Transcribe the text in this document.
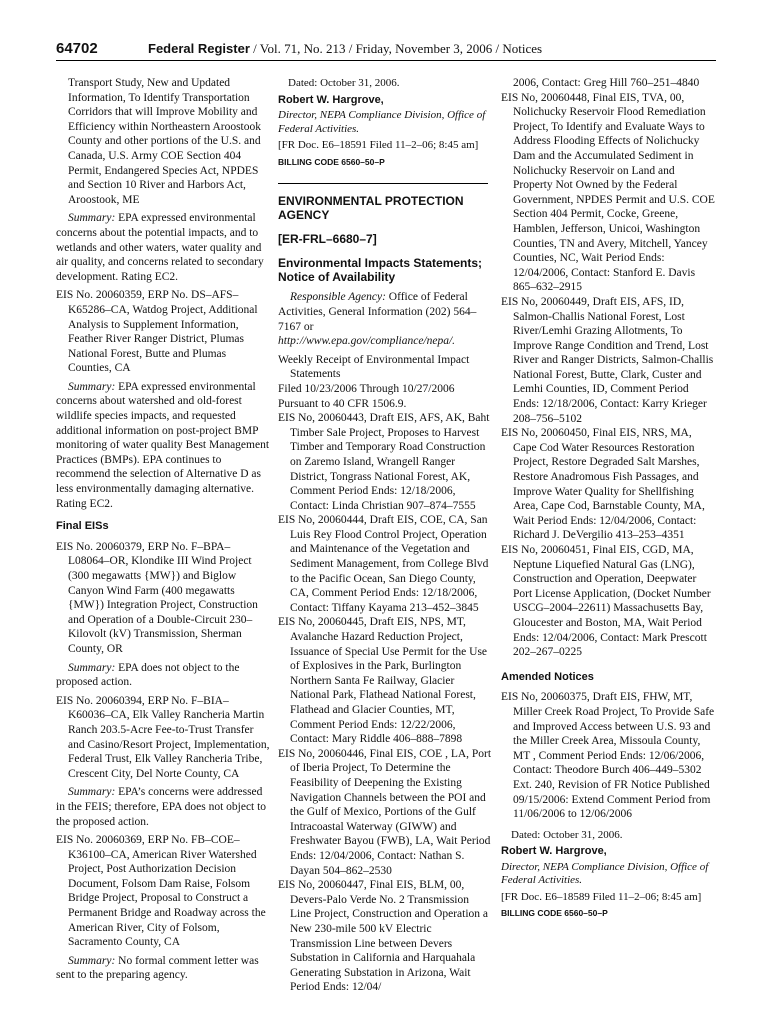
64702	Federal Register / Vol. 71, No. 213 / Friday, November 3, 2006 / Notices

Transport Study, New and Updated Information, To Identify Transportation Corridors that will Improve Mobility and Efficiency within Northeastern Aroostook County and other portions of the U.S. and Canada, U.S. Army COE Section 404 Permit, Endangered Species Act, NPDES and Section 10 River and Harbors Act, Aroostook, ME

Summary: EPA expressed environmental concerns about the potential impacts, and to wetlands and other waters, water quality and air quality, and concerns related to secondary development. Rating EC2.

EIS No. 20060359, ERP No. DS–AFS–K65286–CA, Watdog Project, Additional Analysis to Supplement Information, Feather River Ranger District, Plumas National Forest, Butte and Plumas Counties, CA

Summary: EPA expressed environmental concerns about watershed and old-forest wildlife species impacts, and requested additional information on post-project BMP monitoring of water quality Best Management Practices (BMPs). EPA continues to recommend the selection of Alternative D as less environmentally damaging alternative. Rating EC2.

Final EISs

EIS No. 20060379, ERP No. F–BPA–L08064–OR, Klondike III Wind Project (300 megawatts {MW}) and Biglow Canyon Wind Farm (400 megawatts {MW}) Integration Project, Construction and Operation of a Double-Circuit 230–Kilovolt (kV) Transmission, Sherman County, OR

Summary: EPA does not object to the proposed action.

EIS No. 20060394, ERP No. F–BIA–K60036–CA, Elk Valley Rancheria Martin Ranch 203.5-Acre Fee-to-Trust Transfer and Casino/Resort Project, Implementation, Federal Trust, Elk Valley Rancheria Tribe, Crescent City, Del Norte County, CA

Summary: EPA’s concerns were addressed in the FEIS; therefore, EPA does not object to the proposed action.

EIS No. 20060369, ERP No. FB–COE–K36100–CA, American River Watershed Project, Post Authorization Decision Document, Folsom Dam Raise, Folsom Bridge Project, Proposal to Construct a Permanent Bridge and Roadway across the American River, City of Folsom, Sacramento County, CA

Summary: No formal comment letter was sent to the preparing agency.

Dated: October 31, 2006.

Robert W. Hargrove,

Director, NEPA Compliance Division, Office of Federal Activities.

[FR Doc. E6–18591 Filed 11–2–06; 8:45 am]

BILLING CODE 6560–50–P

ENVIRONMENTAL PROTECTION AGENCY

[ER-FRL–6680–7]

Environmental Impacts Statements; Notice of Availability

Responsible Agency: Office of Federal Activities, General Information (202) 564–7167 or http://www.epa.gov/compliance/nepa/.

Weekly Receipt of Environmental Impact Statements

Filed 10/23/2006 Through 10/27/2006

Pursuant to 40 CFR 1506.9.

EIS No, 20060443, Draft EIS, AFS, AK, Baht Timber Sale Project, Proposes to Harvest Timber and Temporary Road Construction on Zaremo Island, Wrangell Ranger District, Tongrass National Forest, AK, Comment Period Ends: 12/18/2006, Contact: Linda Christian 907–874–7555

EIS No, 20060444, Draft EIS, COE, CA, San Luis Rey Flood Control Project, Operation and Maintenance of the Vegetation and Sediment Management, from College Blvd to the Pacific Ocean, San Diego County, CA, Comment Period Ends: 12/18/2006, Contact: Tiffany Kayama 213–452–3845

EIS No, 20060445, Draft EIS, NPS, MT, Avalanche Hazard Reduction Project, Issuance of Special Use Permit for the Use of Explosives in the Park, Burlington Northern Santa Fe Railway, Glacier National Park, Flathead National Forest, Flathead and Glacier Counties, MT, Comment Period Ends: 12/22/2006, Contact: Mary Riddle 406–888–7898

EIS No, 20060446, Final EIS, COE , LA, Port of Iberia Project, To Determine the Feasibility of Deepening the Existing Navigation Channels between the POI and the Gulf of Mexico, Portions of the Gulf Intracoastal Waterway (GIWW) and Freshwater Bayou (FWB), LA, Wait Period Ends: 12/04/2006, Contact: Nathan S. Dayan 504–862–2530

EIS No, 20060447, Final EIS, BLM, 00, Devers-Palo Verde No. 2 Transmission Line Project, Construction and Operation a New 230-mile 500 kV Electric Transmission Line between Devers Substation in California and Harquahala Generating Substation in Arizona, Wait Period Ends: 12/04/

2006, Contact: Greg Hill 760–251–4840

EIS No, 20060448, Final EIS, TVA, 00, Nolichucky Reservoir Flood Remediation Project, To Identify and Evaluate Ways to Address Flooding Effects of Nolichucky Dam and the Accumulated Sediment in Nolichucky Reservoir on Land and Property Not Owned by the Federal Government, NPDES Permit and U.S. COE Section 404 Permit, Cocke, Greene, Hamblen, Jefferson, Unicoi, Washington Counties, TN and Avery, Mitchell, Yancey Counties, NC, Wait Period Ends: 12/04/2006, Contact: Stanford E. Davis 865–632–2915

EIS No, 20060449, Draft EIS, AFS, ID, Salmon-Challis National Forest, Lost River/Lemhi Grazing Allotments, To Improve Range Condition and Trend, Lost River and Ranger Districts, Salmon-Challis National Forest, Butte, Clark, Custer and Lemhi Counties, ID, Comment Period Ends: 12/18/2006, Contact: Karry Krieger 208–756–5102

EIS No, 20060450, Final EIS, NRS, MA, Cape Cod Water Resources Restoration Project, Restore Degraded Salt Marshes, Restore Anadromous Fish Passages, and Improve Water Quality for Shellfishing Area, Cape Cod, Barnstable County, MA, Wait Period Ends: 12/04/2006, Contact: Richard J. DeVergilio 413–253–4351

EIS No, 20060451, Final EIS, CGD, MA, Neptune Liquefied Natural Gas (LNG), Construction and Operation, Deepwater Port License Application, (Docket Number USCG–2004–22611) Massachusetts Bay, Gloucester and Boston, MA, Wait Period Ends: 12/04/2006, Contact: Mark Prescott 202–267–0225

Amended Notices

EIS No, 20060375, Draft EIS, FHW, MT, Miller Creek Road Project, To Provide Safe and Improved Access between U.S. 93 and the Miller Creek Area, Missoula County, MT , Comment Period Ends: 12/06/2006, Contact: Theodore Burch 406–449–5302 Ext. 240, Revision of FR Notice Published 09/15/2006: Extend Comment Period from 11/06/2006 to 12/06/2006

Dated: October 31, 2006.

Robert W. Hargrove,

Director, NEPA Compliance Division, Office of Federal Activities.

[FR Doc. E6–18589 Filed 11–2–06; 8:45 am]

BILLING CODE 6560–50–P
